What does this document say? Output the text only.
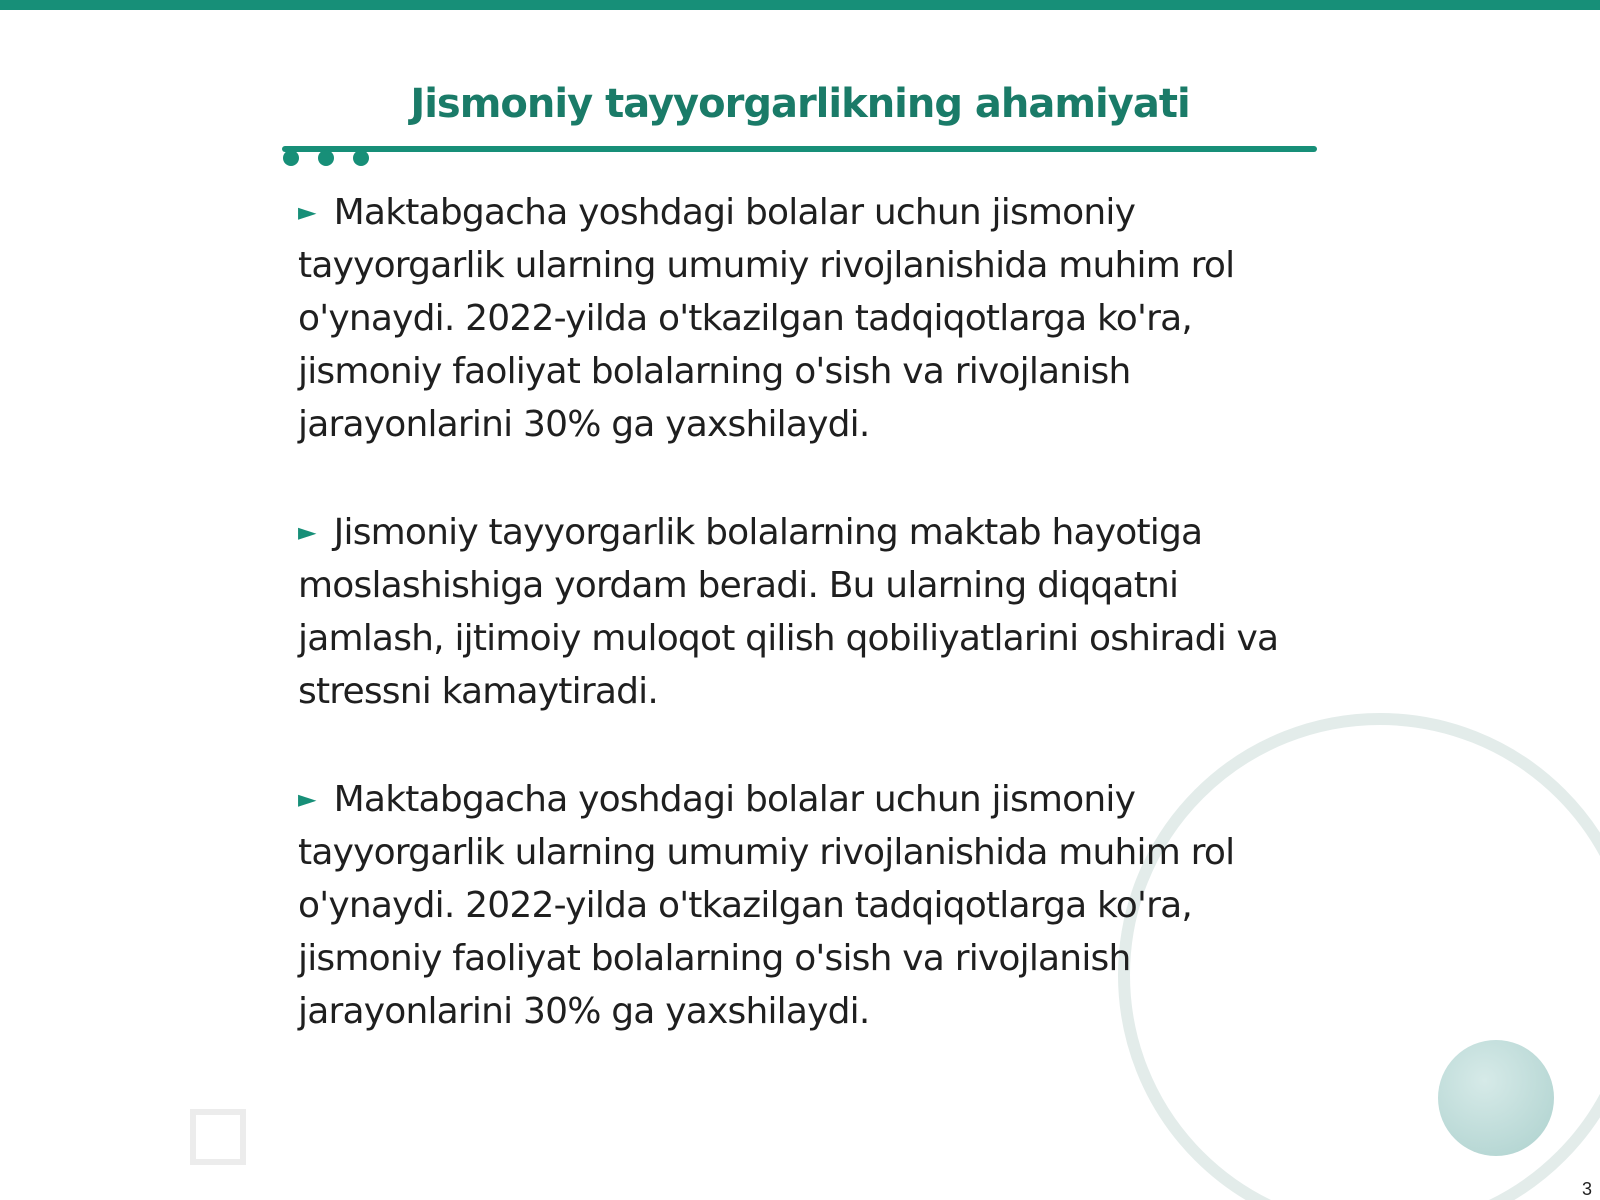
Jismoniy tayyorgarlikning ahamiyati

► Maktabgacha yoshdagi bolalar uchun jismoniy tayyorgarlik ularning umumiy rivojlanishida muhim rol o'ynaydi. 2022-yilda o'tkazilgan tadqiqotlarga ko'ra, jismoniy faoliyat bolalarning o'sish va rivojlanish jarayonlarini 30% ga yaxshilaydi.

► Jismoniy tayyorgarlik bolalarning maktab hayotiga moslashishiga yordam beradi. Bu ularning diqqatni jamlash, ijtimoiy muloqot qilish qobiliyatlarini oshiradi va stressni kamaytiradi.

► Maktabgacha yoshdagi bolalar uchun jismoniy tayyorgarlik ularning umumiy rivojlanishida muhim rol o'ynaydi. 2022-yilda o'tkazilgan tadqiqotlarga ko'ra, jismoniy faoliyat bolalarning o'sish va rivojlanish jarayonlarini 30% ga yaxshilaydi.

3
